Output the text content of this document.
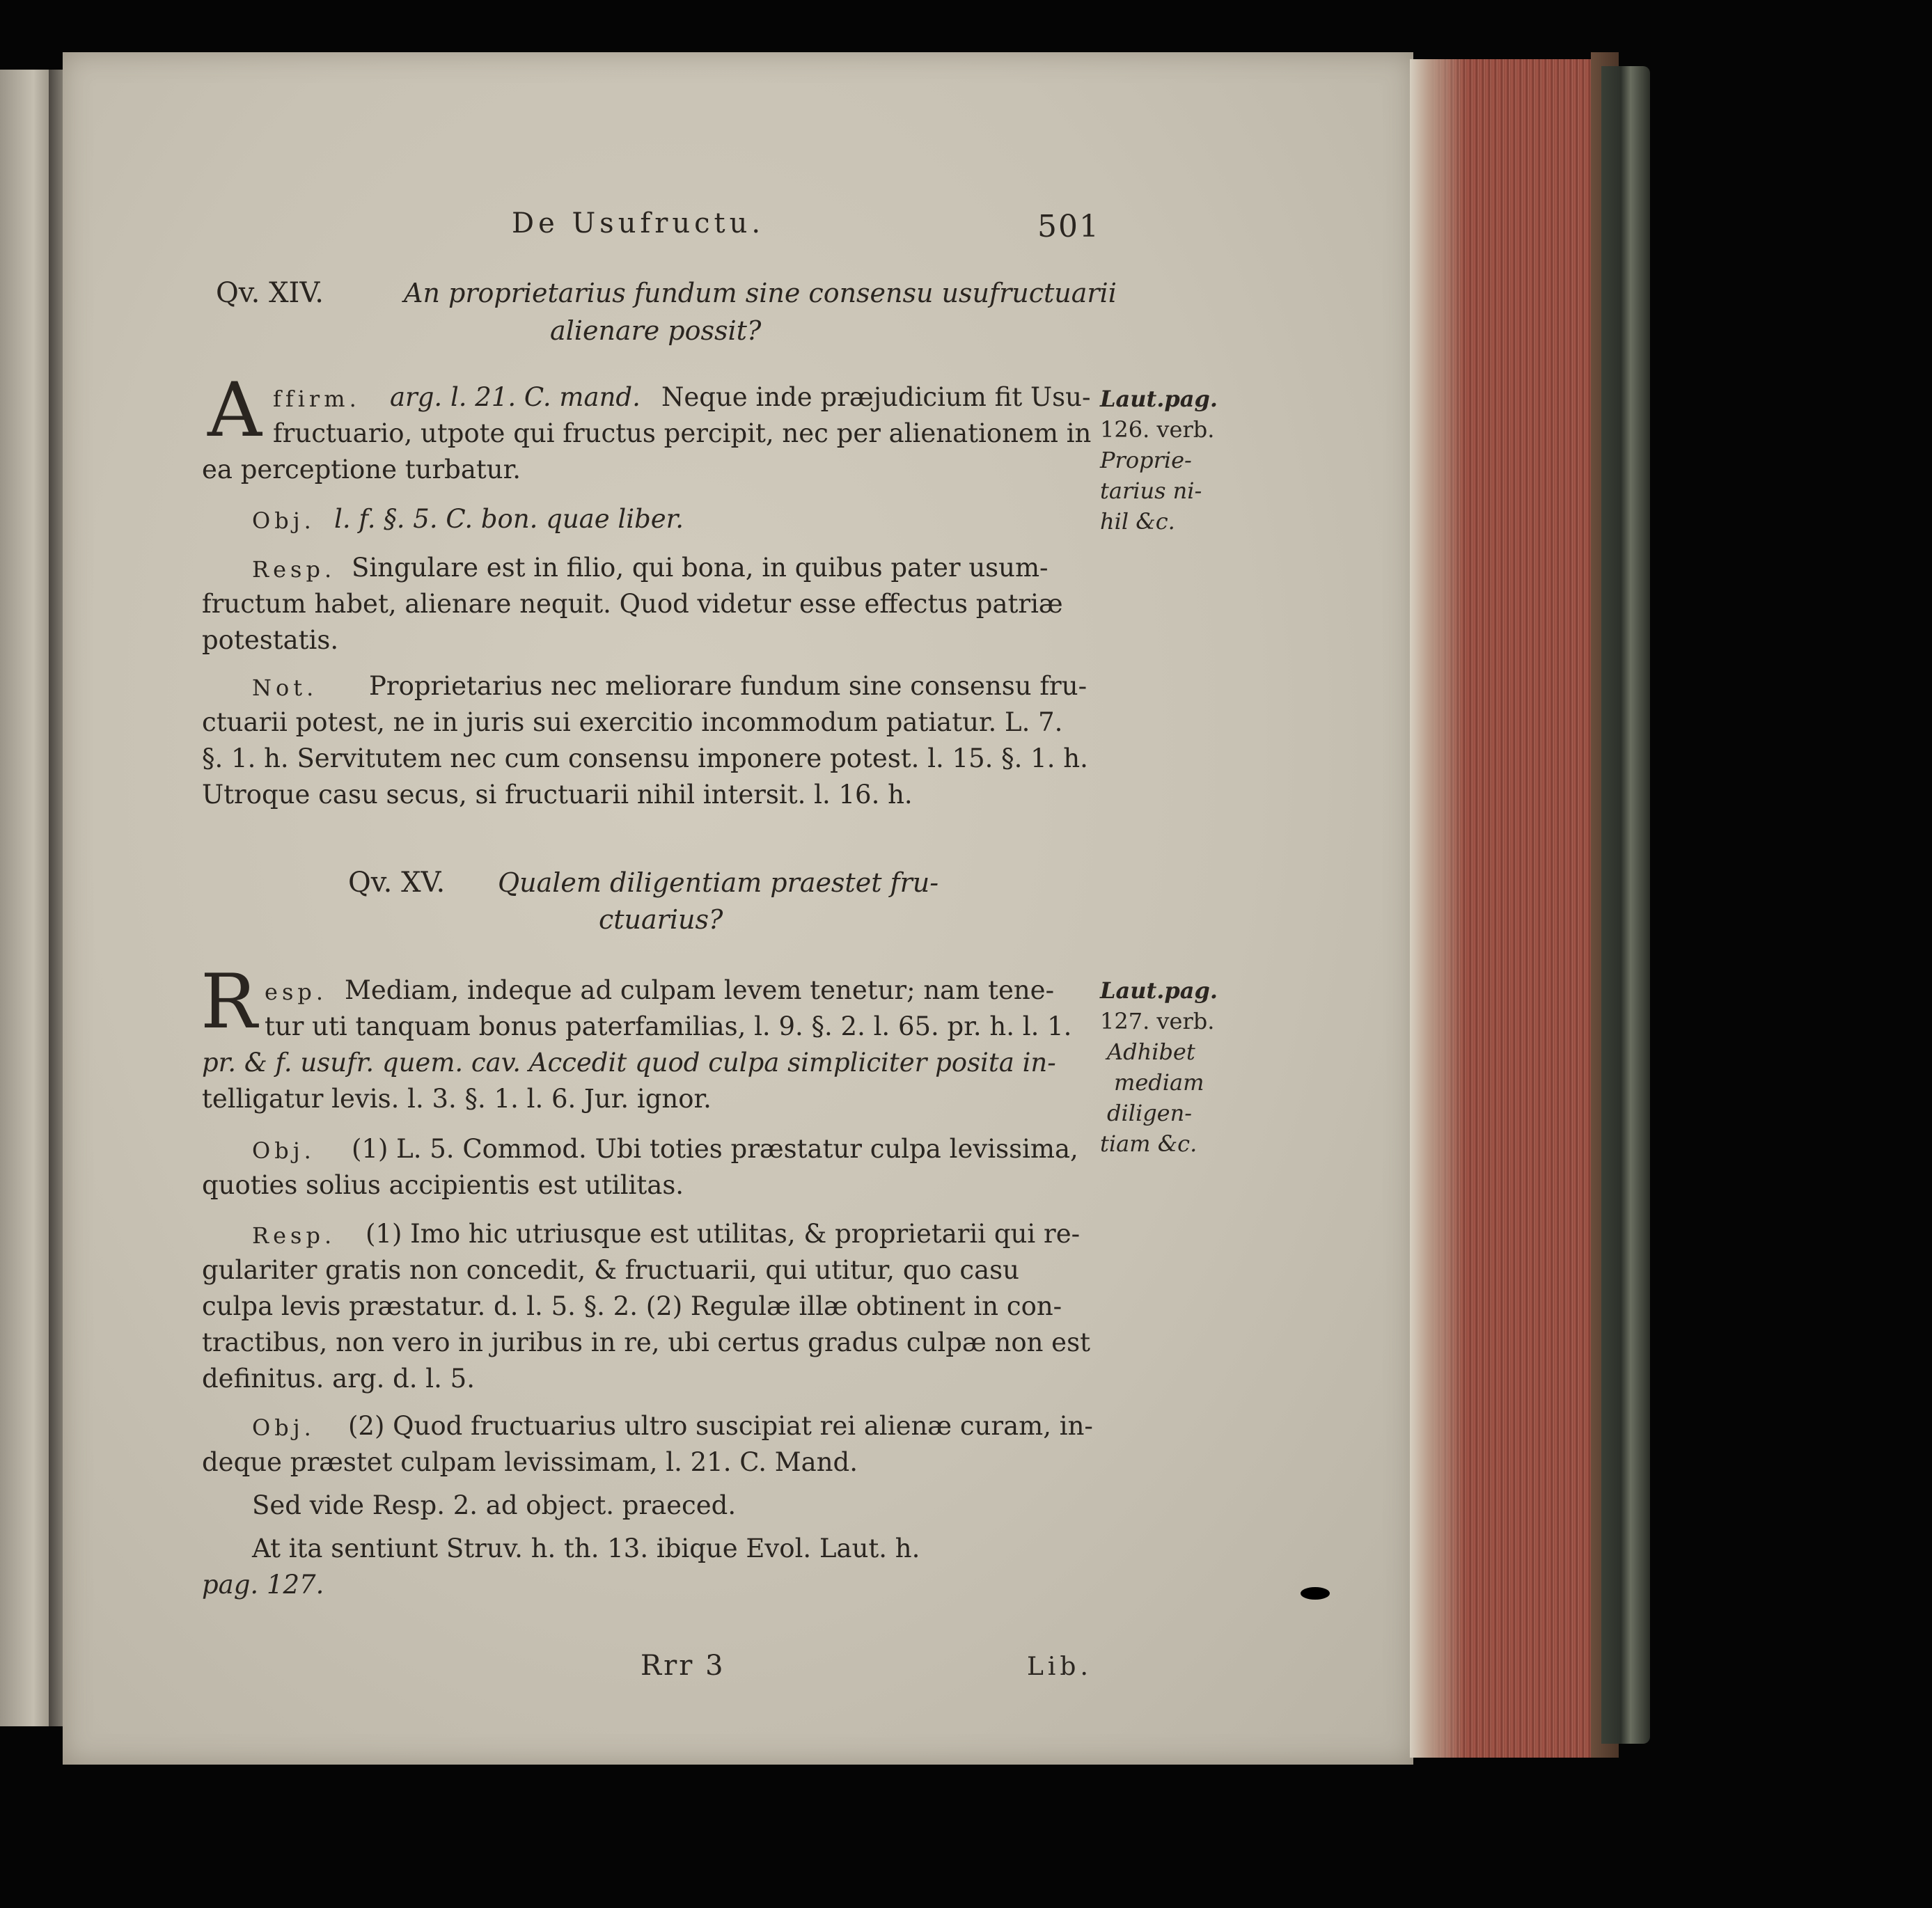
De Usufructu.	501
Qv. XIV.	An proprietarius fundum sine consensu usufructuarii
alienare possit?
A ffirm. arg. l. 21. C. mand. Neque inde præjudicium fit Usu-
fructuario, utpote qui fructus percipit, nec per alienationem in
ea perceptione turbatur.
Laut.pag.
126. verb.
Proprie-
tarius ni-
hil &c.
Obj. l. f. §. 5. C. bon. quae liber.
Resp. Singulare est in filio, qui bona, in quibus pater usum-
fructum habet, alienare nequit. Quod videtur esse effectus patriæ
potestatis.
Not. Proprietarius nec meliorare fundum sine consensu fru-
ctuarii potest, ne in juris sui exercitio incommodum patiatur. L. 7.
§. 1. h. Servitutem nec cum consensu imponere potest. l. 15. §. 1. h.
Utroque casu secus, si fructuarii nihil intersit. l. 16. h.
Qv. XV. Qualem diligentiam praestet fru-
ctuarius?
R esp. Mediam, indeque ad culpam levem tenetur; nam tene-
tur uti tanquam bonus paterfamilias, l. 9. §. 2. l. 65. pr. h. l. 1.
pr. & f. usufr. quem. cav. Accedit quod culpa simpliciter posita in-
telligatur levis. l. 3. §. 1. l. 6. Jur. ignor.
Laut.pag.
127. verb.
Adhibet
mediam
diligen-
tiam &c.
Obj. (1) L. 5. Commod. Ubi toties præstatur culpa levissima,
quoties solius accipientis est utilitas.
Resp. (1) Imo hic utriusque est utilitas, & proprietarii qui re-
gulariter gratis non concedit, & fructuarii, qui utitur, quo casu
culpa levis præstatur. d. l. 5. §. 2. (2) Regulæ illæ obtinent in con-
tractibus, non vero in juribus in re, ubi certus gradus culpæ non est
definitus. arg. d. l. 5.
Obj. (2) Quod fructuarius ultro suscipiat rei alienæ curam, in-
deque præstet culpam levissimam, l. 21. C. Mand.
Sed vide Resp. 2. ad object. praeced.
At ita sentiunt Struv. h. th. 13. ibique Evol. Laut. h.
pag. 127.
Rrr 3	Lib.
